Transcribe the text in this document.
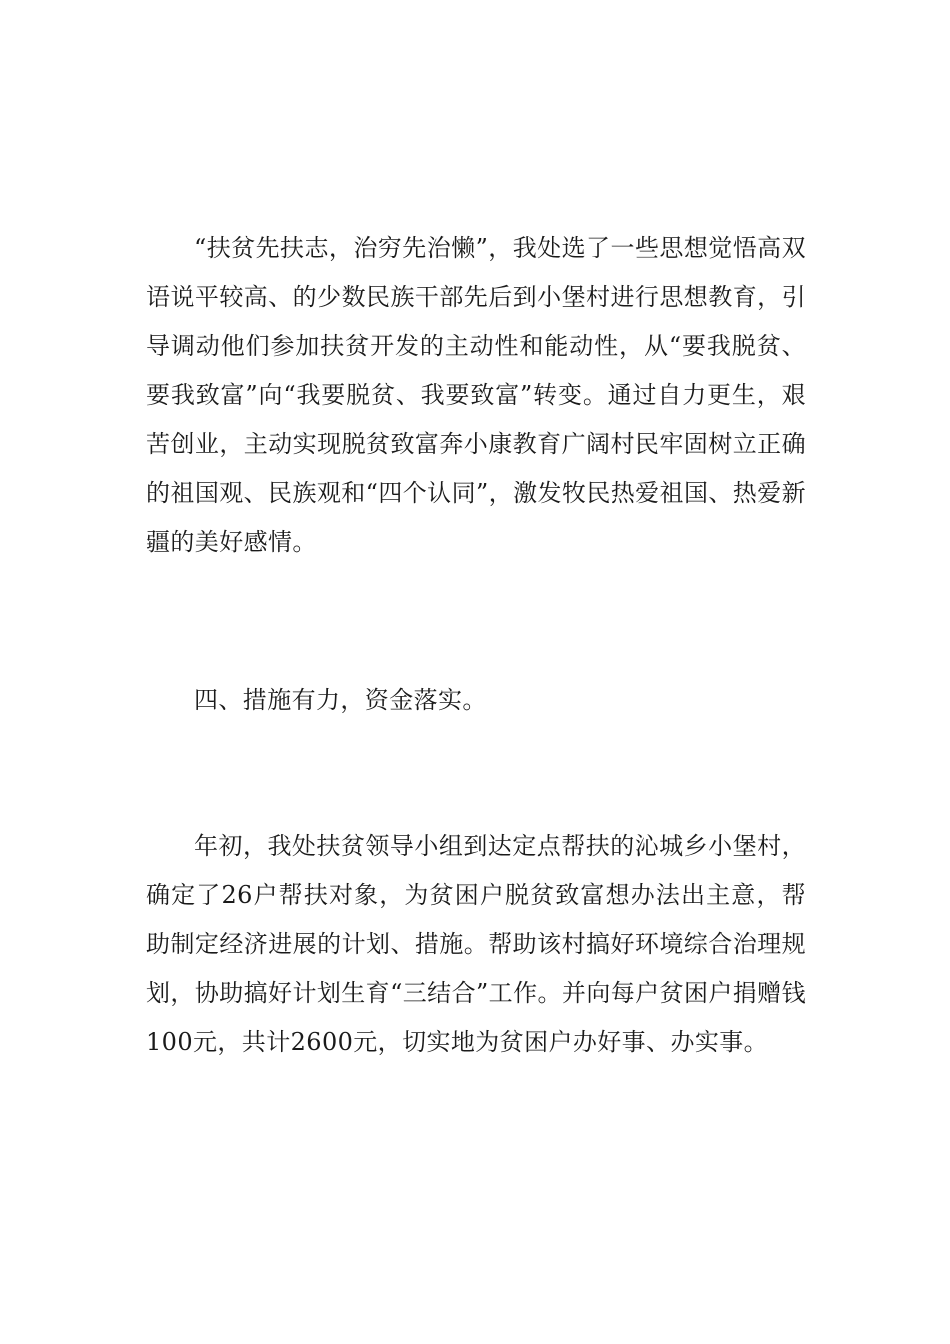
“扶贫先扶志，治穷先治懒”，我处选了一些思想觉悟高双语说平较高、的少数民族干部先后到小堡村进行思想教育，引导调动他们参加扶贫开发的主动性和能动性，从“要我脱贫、要我致富”向“我要脱贫、我要致富”转变。通过自力更生，艰苦创业，主动实现脱贫致富奔小康教育广阔村民牢固树立正确的祖国观、民族观和“四个认同”，激发牧民热爱祖国、热爱新疆的美好感情。

四、措施有力，资金落实。

年初，我处扶贫领导小组到达定点帮扶的沁城乡小堡村，确定了26户帮扶对象，为贫困户脱贫致富想办法出主意，帮助制定经济进展的计划、措施。帮助该村搞好环境综合治理规划，协助搞好计划生育“三结合”工作。并向每户贫困户捐赠钱100元，共计2600元，切实地为贫困户办好事、办实事。
